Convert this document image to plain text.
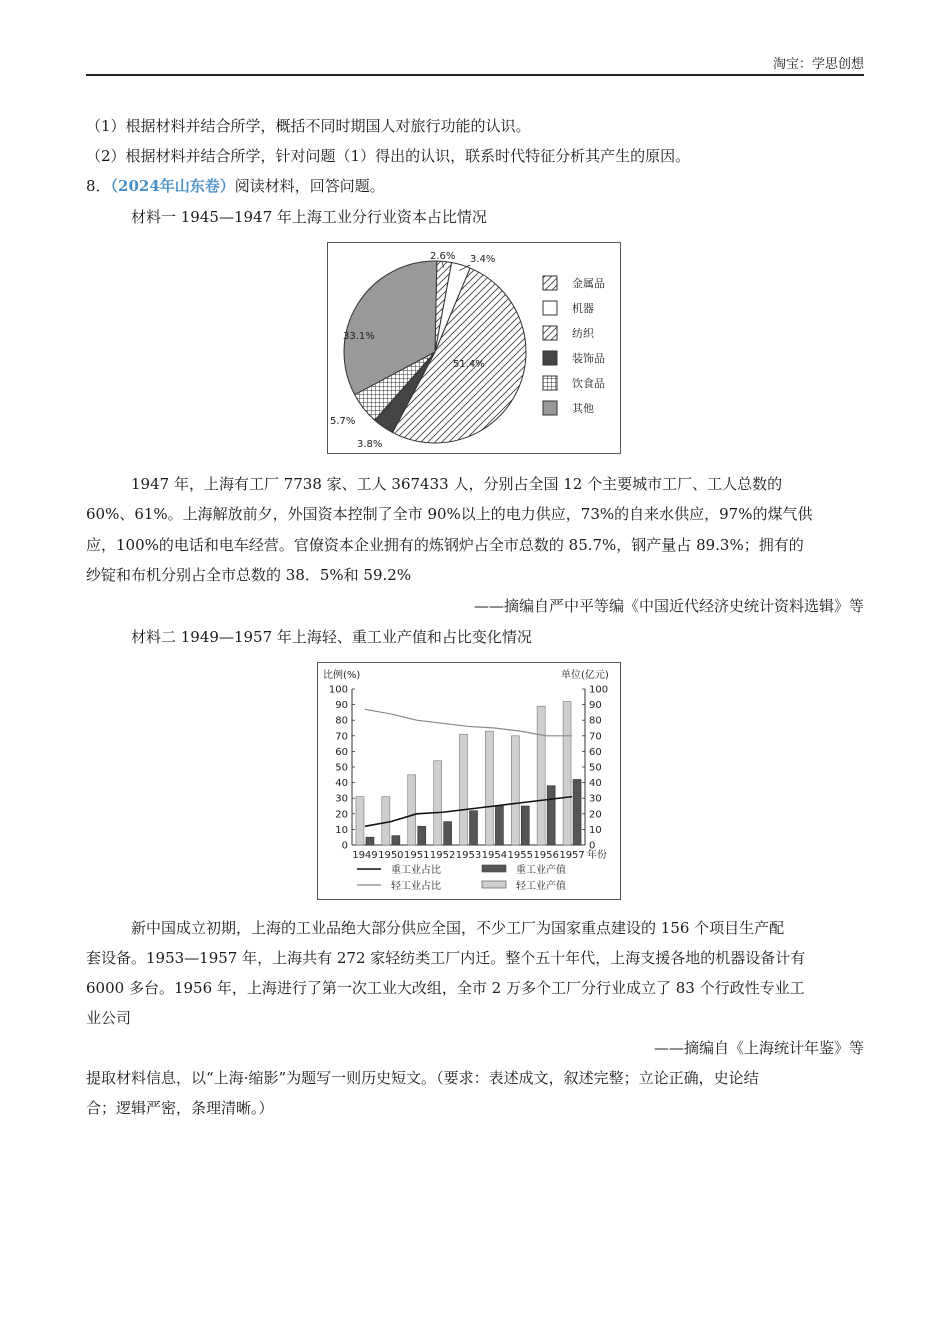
淘宝：学思创想
（1）根据材料并结合所学，概括不同时期国人对旅行功能的认识。
（2）根据材料并结合所学，针对问题（1）得出的认识，联系时代特征分析其产生的原因。
8．（2024年山东卷）阅读材料，回答问题。
材料一 1945—1947 年上海工业分行业资本占比情况
2.6% 3.4%
51.4%
3.8%
5.7%
33.1%
金属品
机器
纺织
装饰品
饮食品
其他
1947 年，上海有工厂 7738 家、工人 367433 人，分别占全国 12 个主要城市工厂、工人总数的
60%、61%。上海解放前夕，外国资本控制了全市 90%以上的电力供应，73%的自来水供应，97%的煤气供
应，100%的电话和电车经营。官僚资本企业拥有的炼钢炉占全市总数的 85.7%，钢产量占 89.3%；拥有的
纱锭和布机分别占全市总数的 38．5%和 59.2%
——摘编自严中平等编《中国近代经济史统计资料选辑》等
材料二 1949—1957 年上海轻、重工业产值和占比变化情况
比例(%)	单位(亿元)
0	0
10	10
20	20
30	30
40	40
50	50
60	60
70	70
80	80
90	90
100	100
1949 1950 1951 1952 1953 1954 1955 1956 1957 年份
重工业占比	重工业产值
轻工业占比	轻工业产值
新中国成立初期，上海的工业品绝大部分供应全国，不少工厂为国家重点建设的 156 个项目生产配
套设备。1953—1957 年，上海共有 272 家轻纺类工厂内迁。整个五十年代，上海支援各地的机器设备计有
6000 多台。1956 年，上海进行了第一次工业大改组，全市 2 万多个工厂分行业成立了 83 个行政性专业工
业公司
——摘编自《上海统计年鉴》等
提取材料信息，以“上海·缩影”为题写一则历史短文。（要求：表述成文，叙述完整；立论正确，史论结
合；逻辑严密，条理清晰。）
